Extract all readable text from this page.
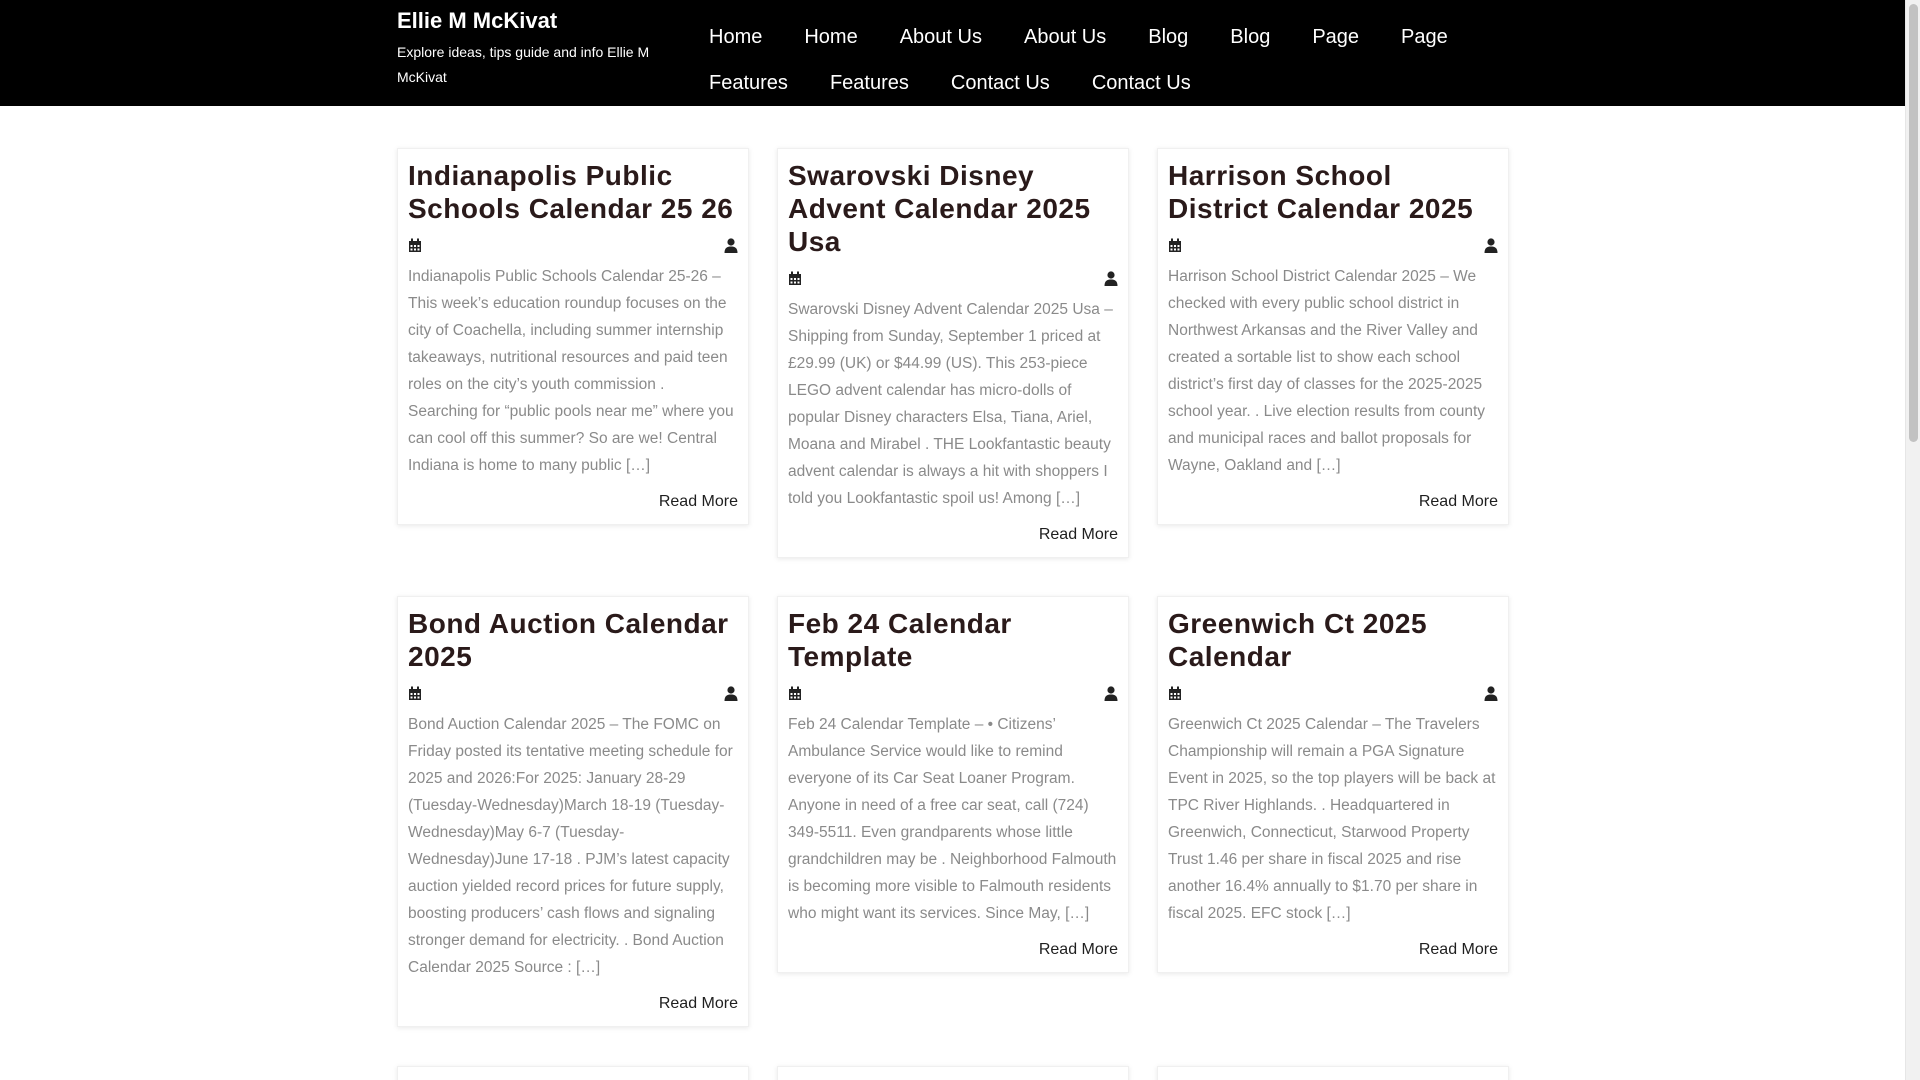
Ellie M McKivat

Explore ideas, tips guide and info Ellie M McKivat

Home	Home	About Us	About Us	Blog	Blog	Page	Page
Features	Features	Contact Us	Contact Us
Indianapolis Public Schools Calendar 25 26

Indianapolis Public Schools Calendar 25-26 – This week’s education roundup focuses on the city of Coachella, including summer internship takeaways, nutritional resources and paid teen roles on the city’s youth commission . Searching for “public pools near me” where you can cool off this summer? So are we! Central Indiana is home to many public […]

Read More
Swarovski Disney Advent Calendar 2025 Usa

Swarovski Disney Advent Calendar 2025 Usa – Shipping from Sunday, September 1 priced at £29.99 (UK) or $44.99 (US). This 253-piece LEGO advent calendar has micro-dolls of popular Disney characters Elsa, Tiana, Ariel, Moana and Mirabel . THE Lookfantastic beauty advent calendar is always a hit with shoppers I told you Lookfantastic spoil us! Among […]

Read More
Harrison School District Calendar 2025

Harrison School District Calendar 2025 – We checked with every public school district in Northwest Arkansas and the River Valley and created a sortable list to show each school district’s first day of classes for the 2025-2025 school year. . Live election results from county and municipal races and ballot proposals for Wayne, Oakland and […]

Read More
Bond Auction Calendar 2025

Bond Auction Calendar 2025 – The FOMC on Friday posted its tentative meeting schedule for 2025 and 2026:For 2025: January 28-29 (Tuesday-Wednesday)March 18-19 (Tuesday-Wednesday)May 6-7 (Tuesday-Wednesday)June 17-18 . PJM’s latest capacity auction yielded record prices for future supply, boosting producers’ cash flows and signaling stronger demand for electricity. . Bond Auction Calendar 2025 Source : […]

Read More
Feb 24 Calendar Template

Feb 24 Calendar Template – • Citizens’ Ambulance Service would like to remind everyone of its Car Seat Loaner Program. Anyone in need of a free car seat, call (724) 349-5511. Even grandparents whose little grandchildren may be . Neighborhood Falmouth is becoming more visible to Falmouth residents who might want its services. Since May, […]

Read More
Greenwich Ct 2025 Calendar

Greenwich Ct 2025 Calendar – The Travelers Championship will remain a PGA Signature Event in 2025, so the top players will be back at TPC River Highlands. . Headquartered in Greenwich, Connecticut, Starwood Property Trust 1.46 per share in fiscal 2025 and rise another 16.4% annually to $1.70 per share in fiscal 2025. EFC stock […]

Read More
